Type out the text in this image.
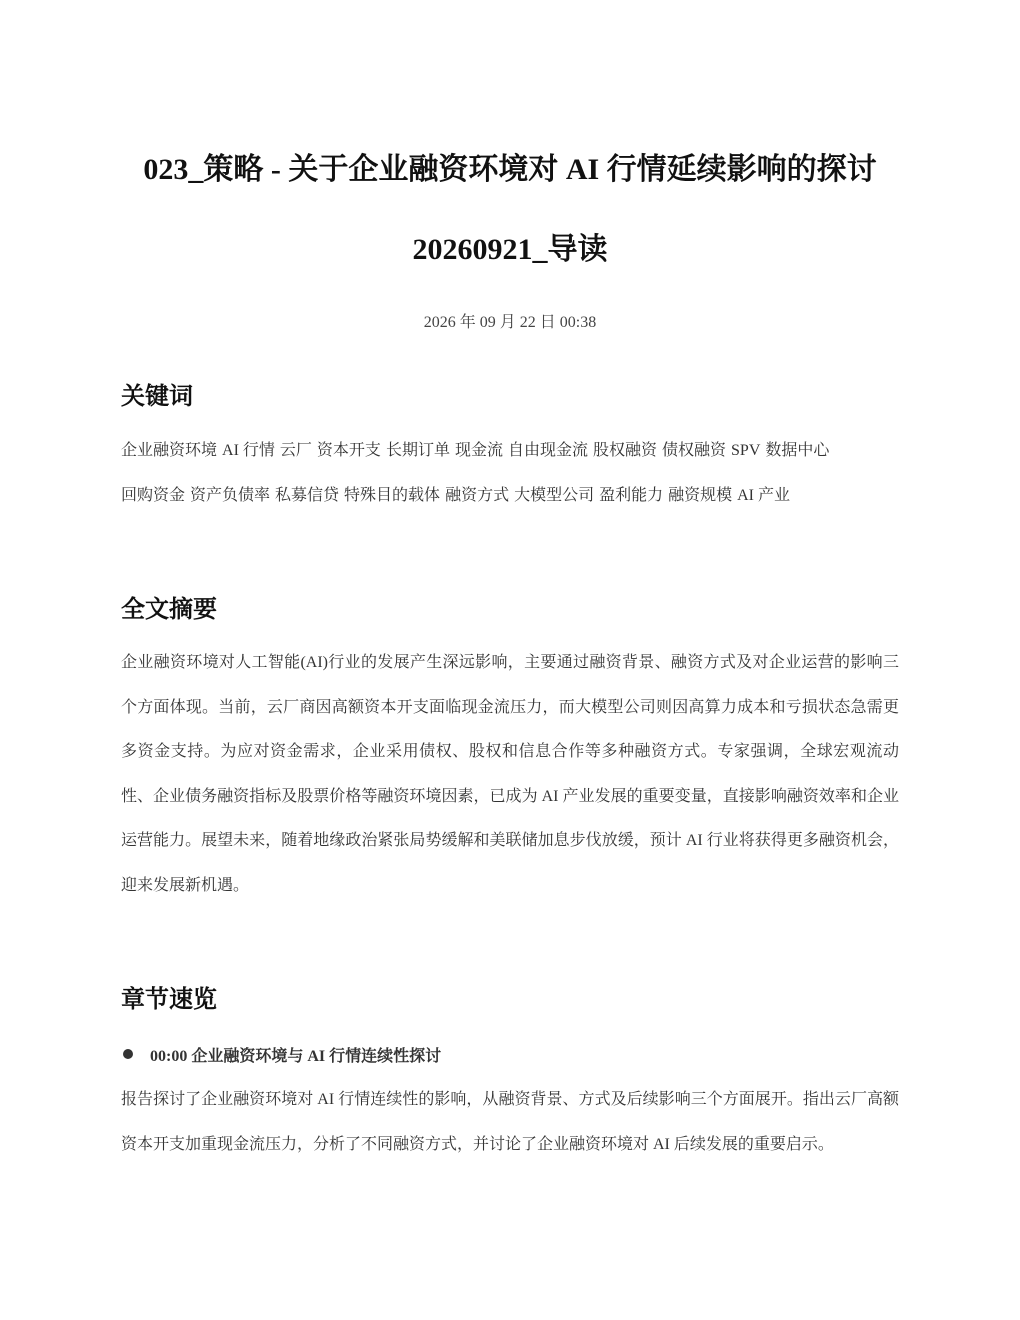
023_策略 - 关于企业融资环境对 AI 行情延续影响的探讨
20260921_导读
2026 年 09 月 22 日 00:38
关键词

企业融资环境 AI 行情 云厂 资本开支 长期订单 现金流 自由现金流 股权融资 债权融资 SPV 数据中心回购资金 资产负债率 私募信贷 特殊目的载体 融资方式 大模型公司 盈利能力 融资规模 AI 产业

全文摘要

企业融资环境对人工智能(AI)行业的发展产生深远影响，主要通过融资背景、融资方式及对企业运营的影响三个方面体现。当前，云厂商因高额资本开支面临现金流压力，而大模型公司则因高算力成本和亏损状态急需更多资金支持。为应对资金需求，企业采用债权、股权和信息合作等多种融资方式。专家强调，全球宏观流动性、企业债务融资指标及股票价格等融资环境因素，已成为 AI 产业发展的重要变量，直接影响融资效率和企业运营能力。展望未来，随着地缘政治紧张局势缓解和美联储加息步伐放缓，预计 AI 行业将获得更多融资机会，迎来发展新机遇。

章节速览
00:00 企业融资环境与 AI 行情连续性探讨

报告探讨了企业融资环境对 AI 行情连续性的影响，从融资背景、方式及后续影响三个方面展开。指出云厂高额资本开支加重现金流压力，分析了不同融资方式，并讨论了企业融资环境对 AI 后续发展的重要启示。
